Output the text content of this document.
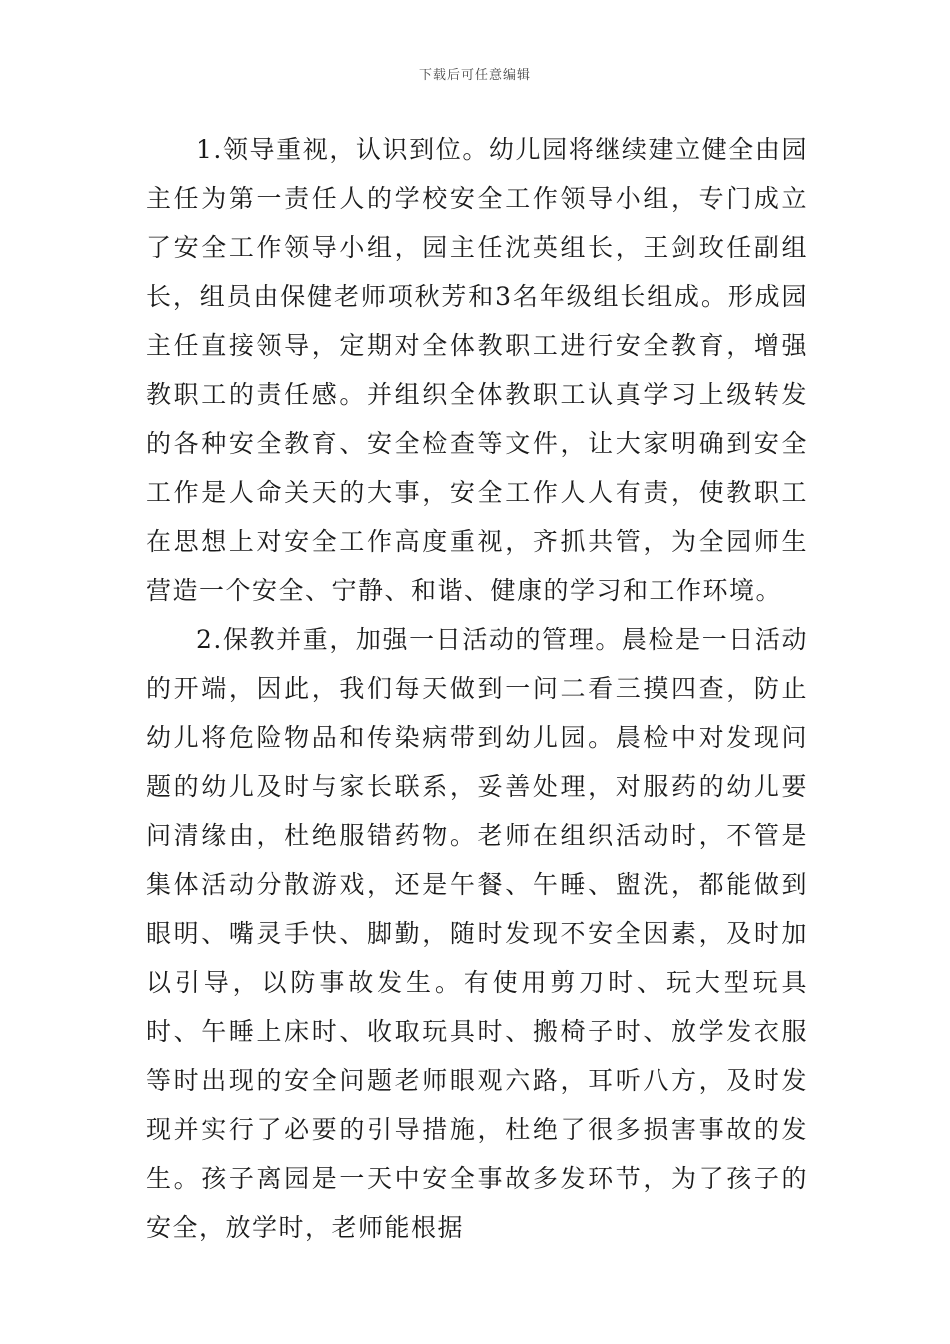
下载后可任意编辑

1.领导重视，认识到位。幼儿园将继续建立健全由园主任为第一责任人的学校安全工作领导小组，专门成立了安全工作领导小组，园主任沈英组长，王剑玫任副组长，组员由保健老师项秋芳和3名年级组长组成。形成园主任直接领导，定期对全体教职工进行安全教育，增强教职工的责任感。并组织全体教职工认真学习上级转发的各种安全教育、安全检查等文件，让大家明确到安全工作是人命关天的大事，安全工作人人有责，使教职工在思想上对安全工作高度重视，齐抓共管，为全园师生营造一个安全、宁静、和谐、健康的学习和工作环境。

2.保教并重，加强一日活动的管理。晨检是一日活动的开端，因此，我们每天做到一问二看三摸四查，防止幼儿将危险物品和传染病带到幼儿园。晨检中对发现问题的幼儿及时与家长联系，妥善处理，对服药的幼儿要问清缘由，杜绝服错药物。老师在组织活动时，不管是集体活动分散游戏，还是午餐、午睡、盥洗，都能做到眼明、嘴灵手快、脚勤，随时发现不安全因素，及时加以引导，以防事故发生。有使用剪刀时、玩大型玩具时、午睡上床时、收取玩具时、搬椅子时、放学发衣服等时出现的安全问题老师眼观六路，耳听八方，及时发现并实行了必要的引导措施，杜绝了很多损害事故的发生。孩子离园是一天中安全事故多发环节，为了孩子的安全，放学时，老师能根据
